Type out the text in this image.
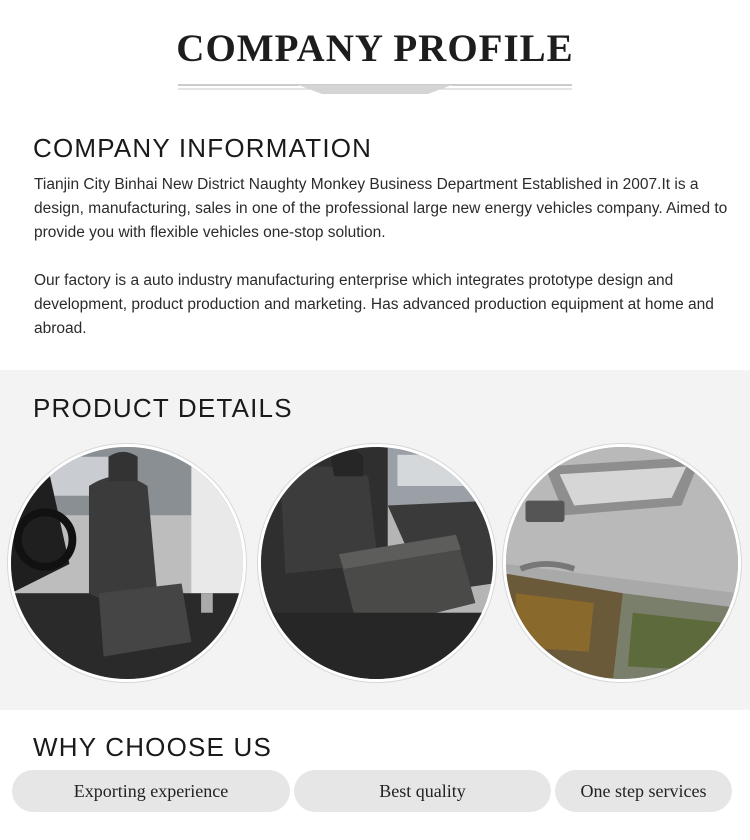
COMPANY PROFILE
COMPANY INFORMATION
Tianjin City Binhai New District Naughty Monkey Business Department Established in 2007.It is a design, manufacturing, sales in one of the professional large new energy vehicles company. Aimed to provide you with flexible vehicles one-stop solution.
Our factory is a auto industry manufacturing enterprise which integrates prototype design and development, product production and marketing. Has advanced production equipment at home and abroad.
PRODUCT DETAILS
WHY CHOOSE US
Exporting experience	Best quality	One step services
